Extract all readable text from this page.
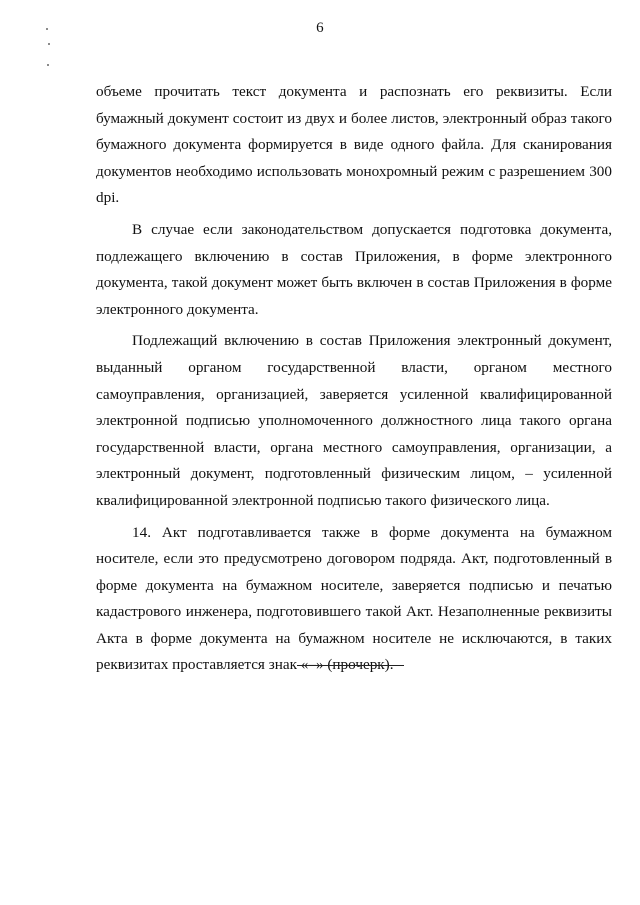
6

объеме прочитать текст документа и распознать его реквизиты. Если бумажный документ состоит из двух и более листов, электронный образ такого бумажного документа формируется в виде одного файла. Для сканирования документов необходимо использовать монохромный режим с разрешением 300 dpi.

В случае если законодательством допускается подготовка документа, подлежащего включению в состав Приложения, в форме электронного документа, такой документ может быть включен в состав Приложения в форме электронного документа.

Подлежащий включению в состав Приложения электронный документ, выданный органом государственной власти, органом местного самоуправления, организацией, заверяется усиленной квалифицированной электронной подписью уполномоченного должностного лица такого органа государственной власти, органа местного самоуправления, организации, а электронный документ, подготовленный физическим лицом, – усиленной квалифицированной электронной подписью такого физического лица.

14. Акт подготавливается также в форме документа на бумажном носителе, если это предусмотрено договором подряда. Акт, подготовленный в форме документа на бумажном носителе, заверяется подписью и печатью кадастрового инженера, подготовившего такой Акт. Незаполненные реквизиты Акта в форме документа на бумажном носителе не исключаются, в таких реквизитах проставляется знак «–» (прочерк).
